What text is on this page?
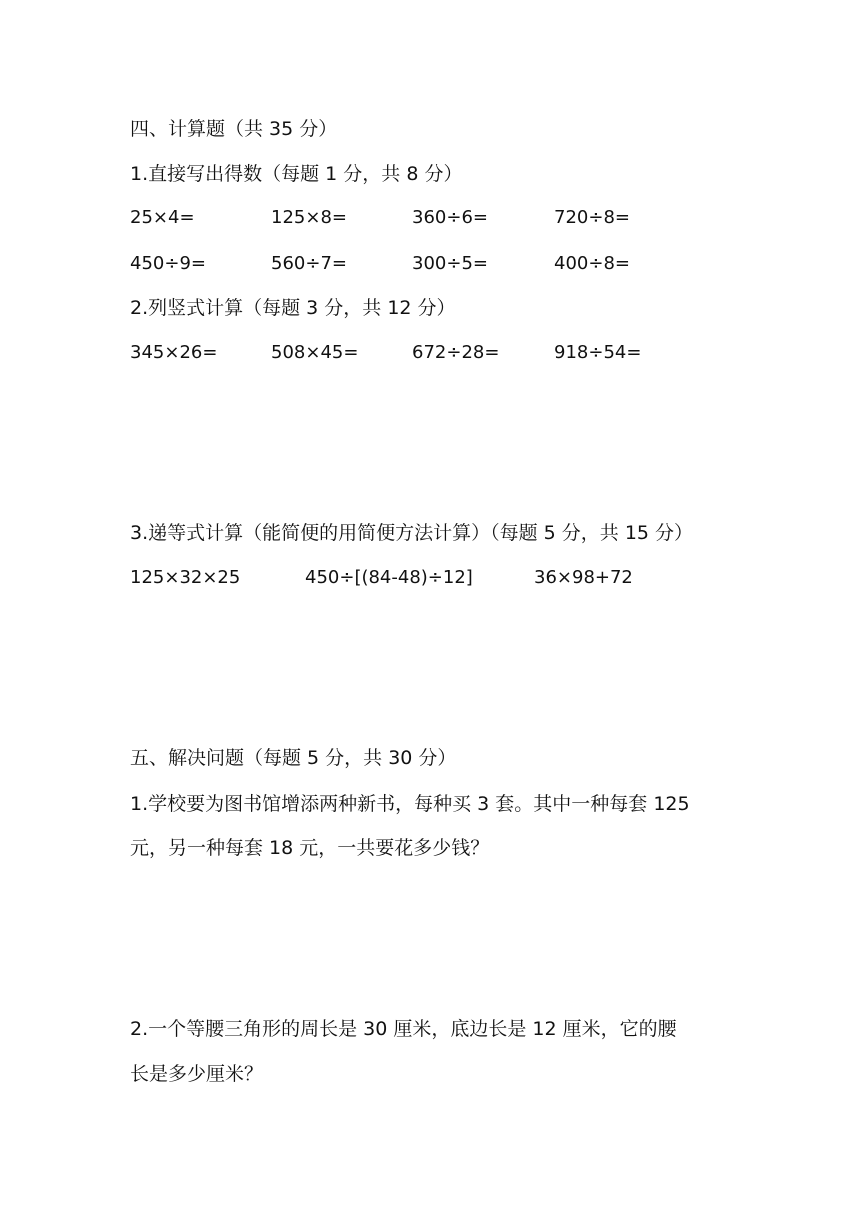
四、计算题（共 35 分）
1.直接写出得数（每题 1 分，共 8 分）
25×4=	125×8=	360÷6=	720÷8=
450÷9=	560÷7=	300÷5=	400÷8=
2.列竖式计算（每题 3 分，共 12 分）
345×26=	508×45=	672÷28=	918÷54=
3.递等式计算（能简便的用简便方法计算）（每题 5 分，共 15 分）
125×32×25	450÷[(84-48)÷12]	36×98+72
五、解决问题（每题 5 分，共 30 分）
1.学校要为图书馆增添两种新书，每种买 3 套。其中一种每套 125
元，另一种每套 18 元，一共要花多少钱？
2.一个等腰三角形的周长是 30 厘米，底边长是 12 厘米，它的腰
长是多少厘米？
